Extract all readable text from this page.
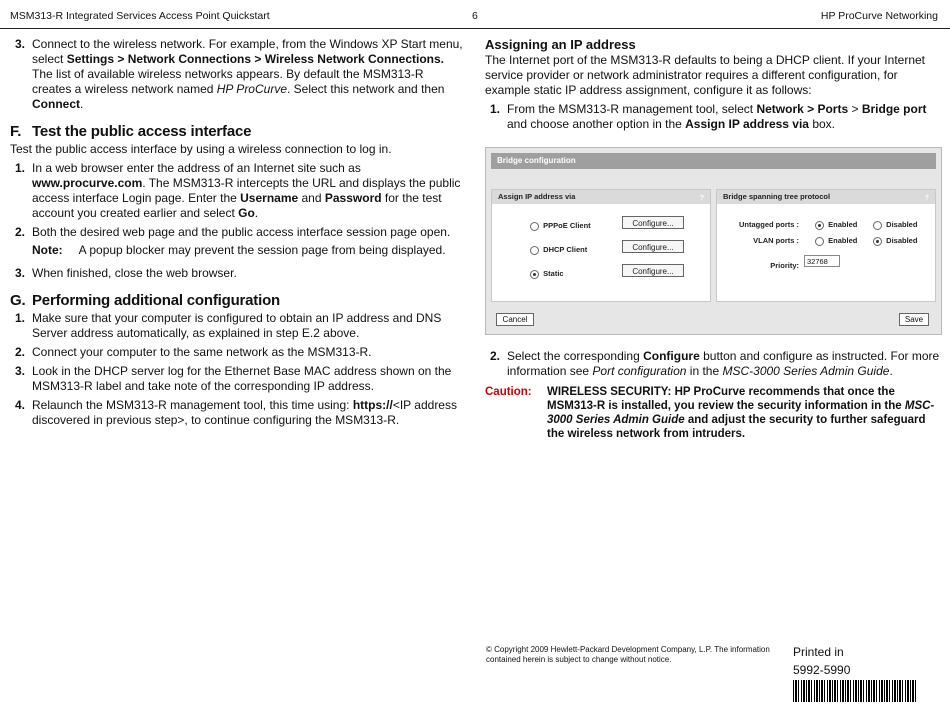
MSM313-R Integrated Services Access Point Quickstart	6	HP ProCurve Networking
3. Connect to the wireless network. For example, from the Windows XP Start menu, select Settings > Network Connections > Wireless Network Connections. The list of available wireless networks appears. By default the MSM313-R creates a wireless network named HP ProCurve. Select this network and then Connect.
F. Test the public access interface

Test the public access interface by using a wireless connection to log in.

1. In a web browser enter the address of an Internet site such as www.procurve.com. The MSM313-R intercepts the URL and displays the public access interface Login page. Enter the Username and Password for the test account you created earlier and select Go.
2. Both the desired web page and the public access interface session page open.
Note: A popup blocker may prevent the session page from being displayed.
3. When finished, close the web browser.
G. Performing additional configuration
1. Make sure that your computer is configured to obtain an IP address and DNS Server address automatically, as explained in step E.2 above.
2. Connect your computer to the same network as the MSM313-R.
3. Look in the DHCP server log for the Ethernet Base MAC address shown on the MSM313-R label and take note of the corresponding IP address.
4. Relaunch the MSM313-R management tool, this time using: https://<IP address discovered in previous step>, to continue configuring the MSM313-R.
Assigning an IP address

The Internet port of the MSM313-R defaults to being a DHCP client. If your Internet service provider or network administrator requires a different configuration, for example static IP address assignment, configure it as follows:

1. From the MSM313-R management tool, select Network > Ports > Bridge port and choose another option in the Assign IP address via box.
Bridge configuration
Assign IP address via	?
PPPoE Client	Configure...
DHCP Client	Configure...
Static	Configure...
Bridge spanning tree protocol	?
Untagged ports :	Enabled	Disabled
VLAN ports :	Enabled	Disabled
Priority:	32768
Cancel	Save
2. Select the corresponding Configure button and configure as instructed. For more information see Port configuration in the MSC-3000 Series Admin Guide.
Caution: WIRELESS SECURITY: HP ProCurve recommends that once the MSM313-R is installed, you review the security information in the MSC-3000 Series Admin Guide and adjust the security to further safeguard the wireless network from intruders.
© Copyright 2009 Hewlett-Packard Development Company, L.P. The information contained herein is subject to change without notice.
Printed in
5992-5990
